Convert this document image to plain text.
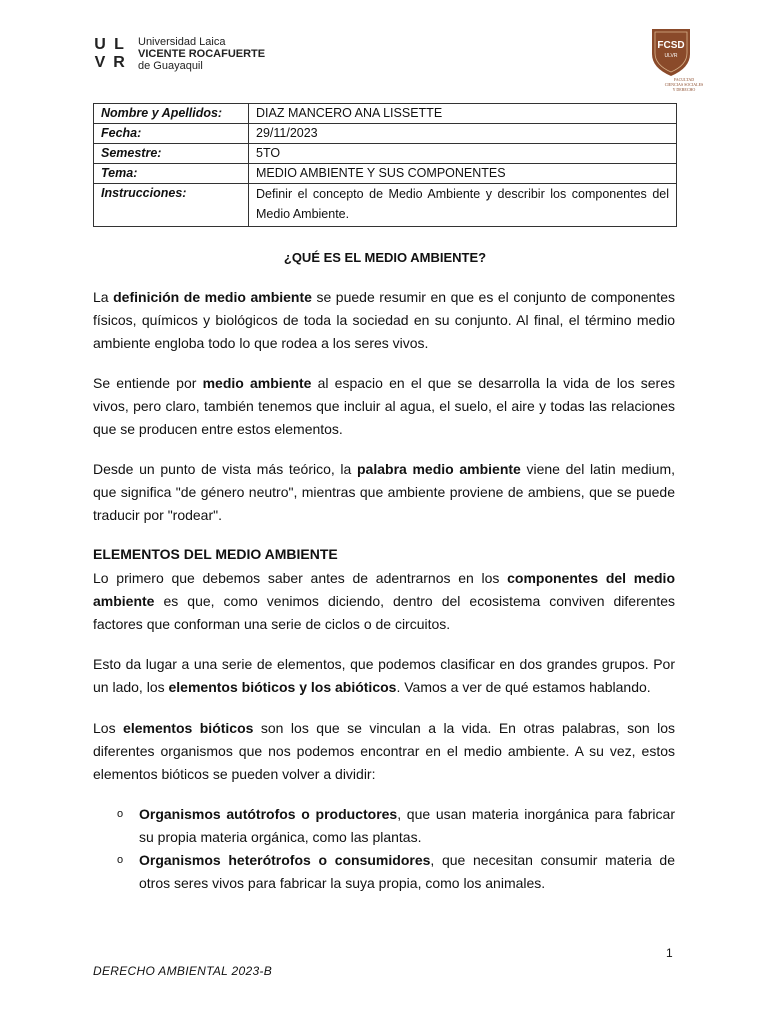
U L
V R
Universidad Laica
VICENTE ROCAFUERTE
de Guayaquil
FCSD
ULVR
FACULTAD
CIENCIAS SOCIALES
Y DERECHO
Nombre y Apellidos:	DIAZ MANCERO ANA LISSETTE
Fecha:	29/11/2023
Semestre:	5TO
Tema:	MEDIO AMBIENTE Y SUS COMPONENTES
Instrucciones:	Definir el concepto de Medio Ambiente y describir los componentes del Medio Ambiente.
¿QUÉ ES EL MEDIO AMBIENTE?
La definición de medio ambiente se puede resumir en que es el conjunto de componentes físicos, químicos y biológicos de toda la sociedad en su conjunto. Al final, el término medio ambiente engloba todo lo que rodea a los seres vivos.
Se entiende por medio ambiente al espacio en el que se desarrolla la vida de los seres vivos, pero claro, también tenemos que incluir al agua, el suelo, el aire y todas las relaciones que se producen entre estos elementos.
Desde un punto de vista más teórico, la palabra medio ambiente viene del latin medium, que significa "de género neutro", mientras que ambiente proviene de ambiens, que se puede traducir por "rodear".
ELEMENTOS DEL MEDIO AMBIENTE
Lo primero que debemos saber antes de adentrarnos en los componentes del medio ambiente es que, como venimos diciendo, dentro del ecosistema conviven diferentes factores que conforman una serie de ciclos o de circuitos.
Esto da lugar a una serie de elementos, que podemos clasificar en dos grandes grupos. Por un lado, los elementos bióticos y los abióticos. Vamos a ver de qué estamos hablando.
Los elementos bióticos son los que se vinculan a la vida. En otras palabras, son los diferentes organismos que nos podemos encontrar en el medio ambiente. A su vez, estos elementos bióticos se pueden volver a dividir:
o Organismos autótrofos o productores, que usan materia inorgánica para fabricar su propia materia orgánica, como las plantas.
o Organismos heterótrofos o consumidores, que necesitan consumir materia de otros seres vivos para fabricar la suya propia, como los animales.
1
DERECHO AMBIENTAL 2023-B
